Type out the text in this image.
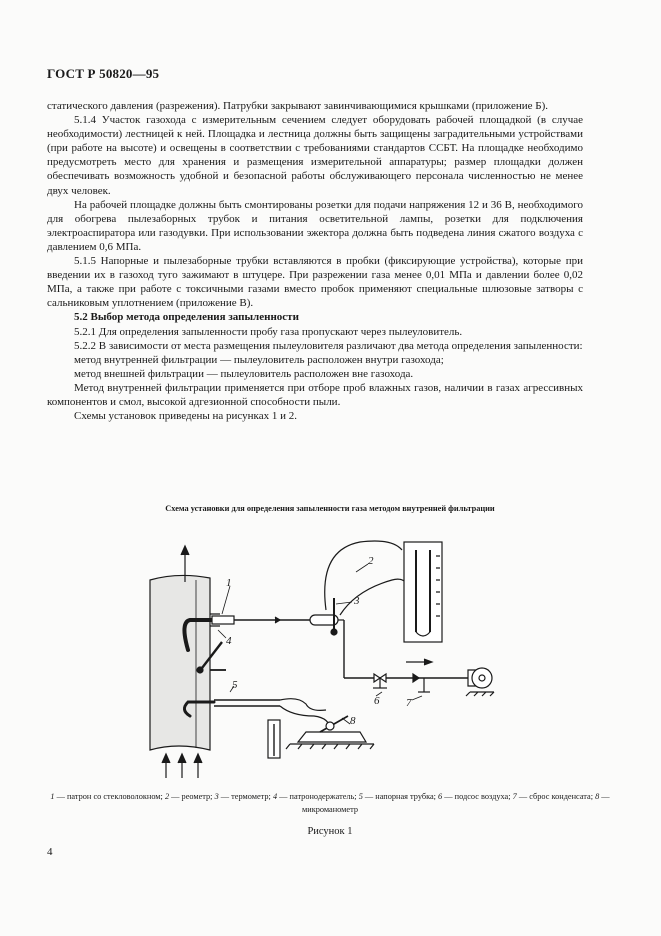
ГОСТ Р 50820—95

статического давления (разрежения). Патрубки закрывают завинчивающимися крышками (приложение Б).

5.1.4 Участок газохода с измерительным сечением следует оборудовать рабочей площадкой (в случае необходимости) лестницей к ней. Площадка и лестница должны быть защищены заградительными устройствами (при работе на высоте) и освещены в соответствии с требованиями стандартов ССБТ. На площадке необходимо предусмотреть место для хранения и размещения измерительной аппаратуры; размер площадки должен обеспечивать возможность удобной и безопасной работы обслуживающего персонала численностью не менее двух человек.

На рабочей площадке должны быть смонтированы розетки для подачи напряжения 12 и 36 В, необходимого для обогрева пылезаборных трубок и питания осветительной лампы, розетки для подключения электроаспиратора или газодувки. При использовании эжектора должна быть подведена линия сжатого воздуха с давлением 0,6 МПа.

5.1.5 Напорные и пылезаборные трубки вставляются в пробки (фиксирующие устройства), которые при введении их в газоход туго зажимают в штуцере. При разрежении газа менее 0,01 МПа и давлении более 0,02 МПа, а также при работе с токсичными газами вместо пробок применяют специальные шлюзовые затворы с сальниковым уплотнением (приложение В).

5.2 Выбор метода определения запыленности

5.2.1 Для определения запыленности пробу газа пропускают через пылеуловитель.

5.2.2 В зависимости от места размещения пылеуловителя различают два метода определения запыленности:

метод внутренней фильтрации — пылеуловитель расположен внутри газохода;

метод внешней фильтрации — пылеуловитель расположен вне газохода.

Метод внутренней фильтрации применяется при отборе проб влажных газов, наличии в газах агрессивных компонентов и смол, высокой адгезионной способности пыли.

Схемы установок приведены на рисунках 1 и 2.

Схема установки для определения запыленности газа методом внутренней фильтрации
1
2
3
4
5
6 7
8
1 — патрон со стекловолокном; 2 — реометр; 3 — термометр; 4 — патронодержатель; 5 — напорная трубка; 6 — подсос воздуха; 7 — сброс конденсата; 8 — микроманометр
Рисунок 1
4
